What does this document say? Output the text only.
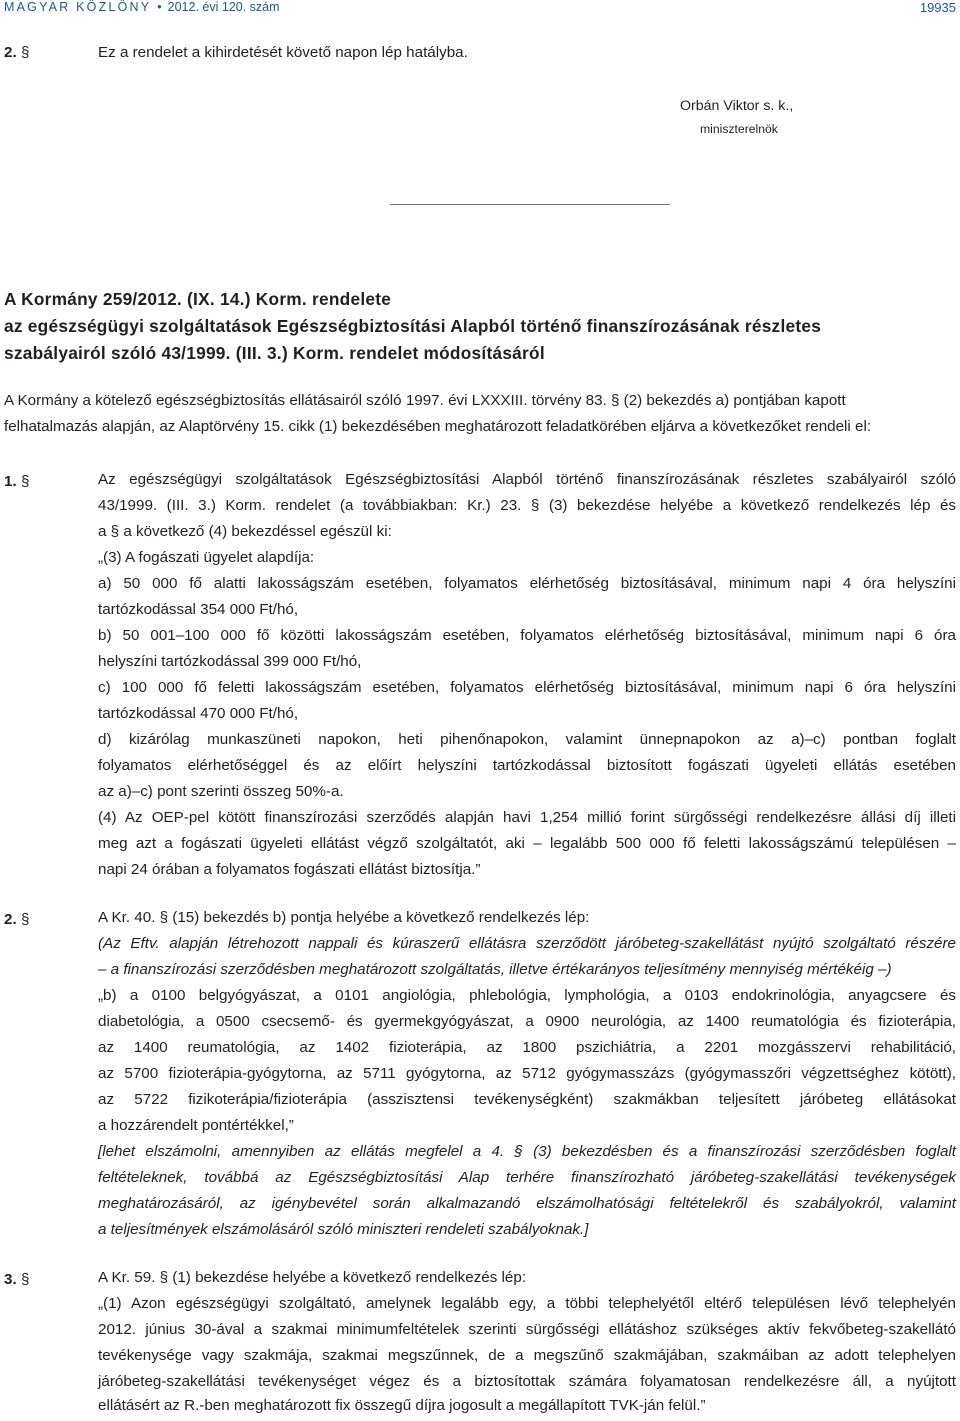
MAGYAR KÖZLÖNY • 2012. évi 120. szám	19935
2. §	Ez a rendelet a kihirdetését követő napon lép hatályba.
Orbán Viktor s. k.,
miniszterelnök
A Kormány 259/2012. (IX. 14.) Korm. rendelete
az egészségügyi szolgáltatások Egészségbiztosítási Alapból történő finanszírozásának részletes
szabályairól szóló 43/1999. (III. 3.) Korm. rendelet módosításáról
A Kormány a kötelező egészségbiztosítás ellátásairól szóló 1997. évi LXXXIII. törvény 83. § (2) bekezdés a) pontjában kapott
felhatalmazás alapján, az Alaptörvény 15. cikk (1) bekezdésében meghatározott feladatkörében eljárva a következőket rendeli el:
1. §	Az egészségügyi szolgáltatások Egészségbiztosítási Alapból történő finanszírozásának részletes szabályairól szóló
43/1999. (III. 3.) Korm. rendelet (a továbbiakban: Kr.) 23. § (3) bekezdése helyébe a következő rendelkezés lép és
a § a következő (4) bekezdéssel egészül ki:
„(3) A fogászati ügyelet alapdíja:
a) 50 000 fő alatti lakosságszám esetében, folyamatos elérhetőség biztosításával, minimum napi 4 óra helyszíni
tartózkodással 354 000 Ft/hó,
b) 50 001–100 000 fő közötti lakosságszám esetében, folyamatos elérhetőség biztosításával, minimum napi 6 óra
helyszíni tartózkodással 399 000 Ft/hó,
c) 100 000 fő feletti lakosságszám esetében, folyamatos elérhetőség biztosításával, minimum napi 6 óra helyszíni
tartózkodással 470 000 Ft/hó,
d) kizárólag munkaszüneti napokon, heti pihenőnapokon, valamint ünnepnapokon az a)–c) pontban foglalt
folyamatos elérhetőséggel és az előírt helyszíni tartózkodással biztosított fogászati ügyeleti ellátás esetében
az a)–c) pont szerinti összeg 50%-a.
(4) Az OEP-pel kötött finanszírozási szerződés alapján havi 1,254 millió forint sürgősségi rendelkezésre állási díj illeti
meg azt a fogászati ügyeleti ellátást végző szolgáltatót, aki – legalább 500 000 fő feletti lakosságszámú településen –
napi 24 órában a folyamatos fogászati ellátást biztosítja.”
2. §	A Kr. 40. § (15) bekezdés b) pontja helyébe a következő rendelkezés lép:
(Az Eftv. alapján létrehozott nappali és kúraszerű ellátásra szerződött járóbeteg-szakellátást nyújtó szolgáltató részére
– a finanszírozási szerződésben meghatározott szolgáltatás, illetve értékarányos teljesítmény mennyiség mértékéig –)
„b) a 0100 belgyógyászat, a 0101 angiológia, phlebológia, lymphológia, a 0103 endokrinológia, anyagcsere és
diabetológia, a 0500 csecsemő- és gyermekgyógyászat, a 0900 neurológia, az 1400 reumatológia és fizioterápia,
az 1400 reumatológia, az 1402 fizioterápia, az 1800 pszichiátria, a 2201 mozgásszervi rehabilitáció,
az 5700 fizioterápia-gyógytorna, az 5711 gyógytorna, az 5712 gyógymasszázs (gyógymasszőri végzettséghez kötött),
az 5722 fizikoterápia/fizioterápia (asszisztensi tevékenységként) szakmákban teljesített járóbeteg ellátásokat
a hozzárendelt pontértékkel,”
[lehet elszámolni, amennyiben az ellátás megfelel a 4. § (3) bekezdésben és a finanszírozási szerződésben foglalt
feltételeknek, továbbá az Egészségbiztosítási Alap terhére finanszírozható járóbeteg-szakellátási tevékenységek
meghatározásáról, az igénybevétel során alkalmazandó elszámolhatósági feltételekről és szabályokról, valamint
a teljesítmények elszámolásáról szóló miniszteri rendeleti szabályoknak.]
3. §	A Kr. 59. § (1) bekezdése helyébe a következő rendelkezés lép:
„(1) Azon egészségügyi szolgáltató, amelynek legalább egy, a többi telephelyétől eltérő településen lévő telephelyén
2012. június 30-ával a szakmai minimumfeltételek szerinti sürgősségi ellátáshoz szükséges aktív fekvőbeteg-szakellátó
tevékenysége vagy szakmája, szakmai megszűnnek, de a megszűnő szakmájában, szakmáiban az adott telephelyen
járóbeteg-szakellátási tevékenységet végez és a biztosítottak számára folyamatosan rendelkezésre áll, a nyújtott
ellátásért az R.-ben meghatározott fix összegű díjra jogosult a megállapított TVK-ján felül.”
